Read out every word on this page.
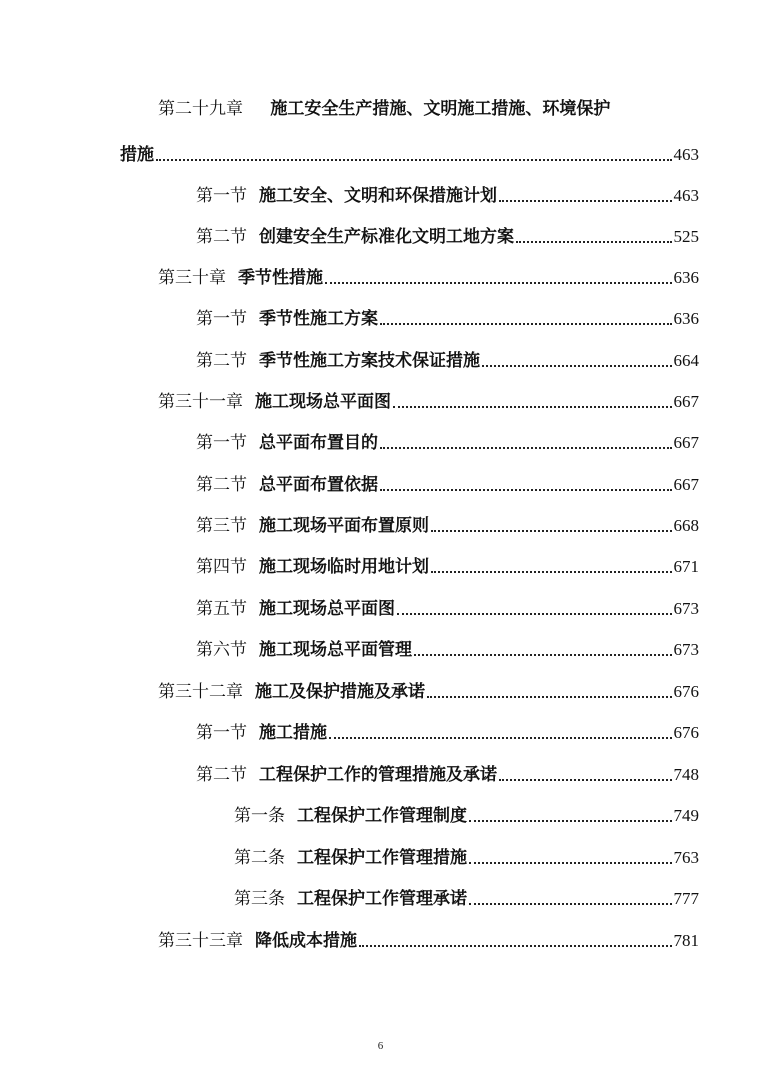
第二十九章 施工安全生产措施、文明施工措施、环境保护
措施	463
第一节 施工安全、文明和环保措施计划	463
第二节 创建安全生产标准化文明工地方案	525
第三十章 季节性措施	636
第一节 季节性施工方案	636
第二节 季节性施工方案技术保证措施	664
第三十一章 施工现场总平面图	667
第一节 总平面布置目的	667
第二节 总平面布置依据	667
第三节 施工现场平面布置原则	668
第四节 施工现场临时用地计划	671
第五节 施工现场总平面图	673
第六节 施工现场总平面管理	673
第三十二章 施工及保护措施及承诺	676
第一节 施工措施	676
第二节 工程保护工作的管理措施及承诺	748
第一条 工程保护工作管理制度	749
第二条 工程保护工作管理措施	763
第三条 工程保护工作管理承诺	777
第三十三章 降低成本措施	781
6
